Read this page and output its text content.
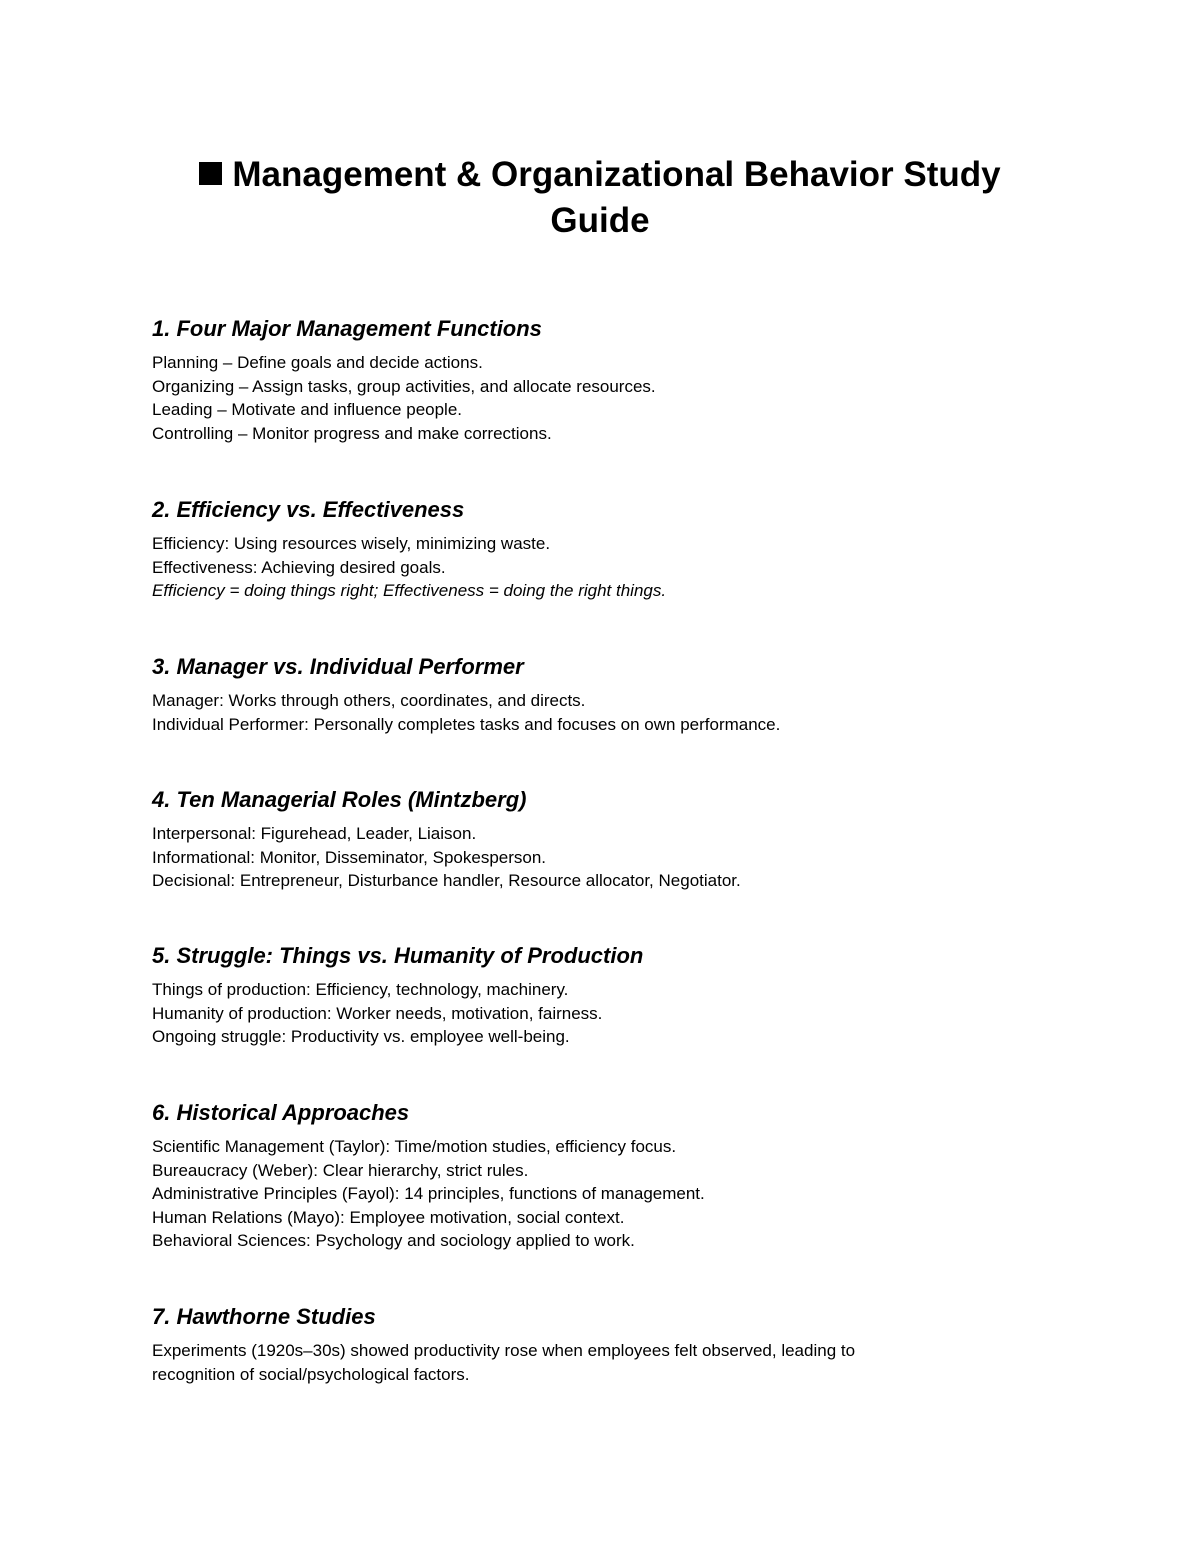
Management & Organizational Behavior Study
Guide
1. Four Major Management Functions

Planning – Define goals and decide actions.

Organizing – Assign tasks, group activities, and allocate resources.

Leading – Motivate and influence people.

Controlling – Monitor progress and make corrections.

2. Efficiency vs. Effectiveness

Efficiency: Using resources wisely, minimizing waste.

Effectiveness: Achieving desired goals.

Efficiency = doing things right; Effectiveness = doing the right things.

3. Manager vs. Individual Performer

Manager: Works through others, coordinates, and directs.

Individual Performer: Personally completes tasks and focuses on own performance.

4. Ten Managerial Roles (Mintzberg)

Interpersonal: Figurehead, Leader, Liaison.

Informational: Monitor, Disseminator, Spokesperson.

Decisional: Entrepreneur, Disturbance handler, Resource allocator, Negotiator.

5. Struggle: Things vs. Humanity of Production

Things of production: Efficiency, technology, machinery.

Humanity of production: Worker needs, motivation, fairness.

Ongoing struggle: Productivity vs. employee well-being.

6. Historical Approaches

Scientific Management (Taylor): Time/motion studies, efficiency focus.

Bureaucracy (Weber): Clear hierarchy, strict rules.

Administrative Principles (Fayol): 14 principles, functions of management.

Human Relations (Mayo): Employee motivation, social context.

Behavioral Sciences: Psychology and sociology applied to work.

7. Hawthorne Studies

Experiments (1920s–30s) showed productivity rose when employees felt observed, leading to

recognition of social/psychological factors.
